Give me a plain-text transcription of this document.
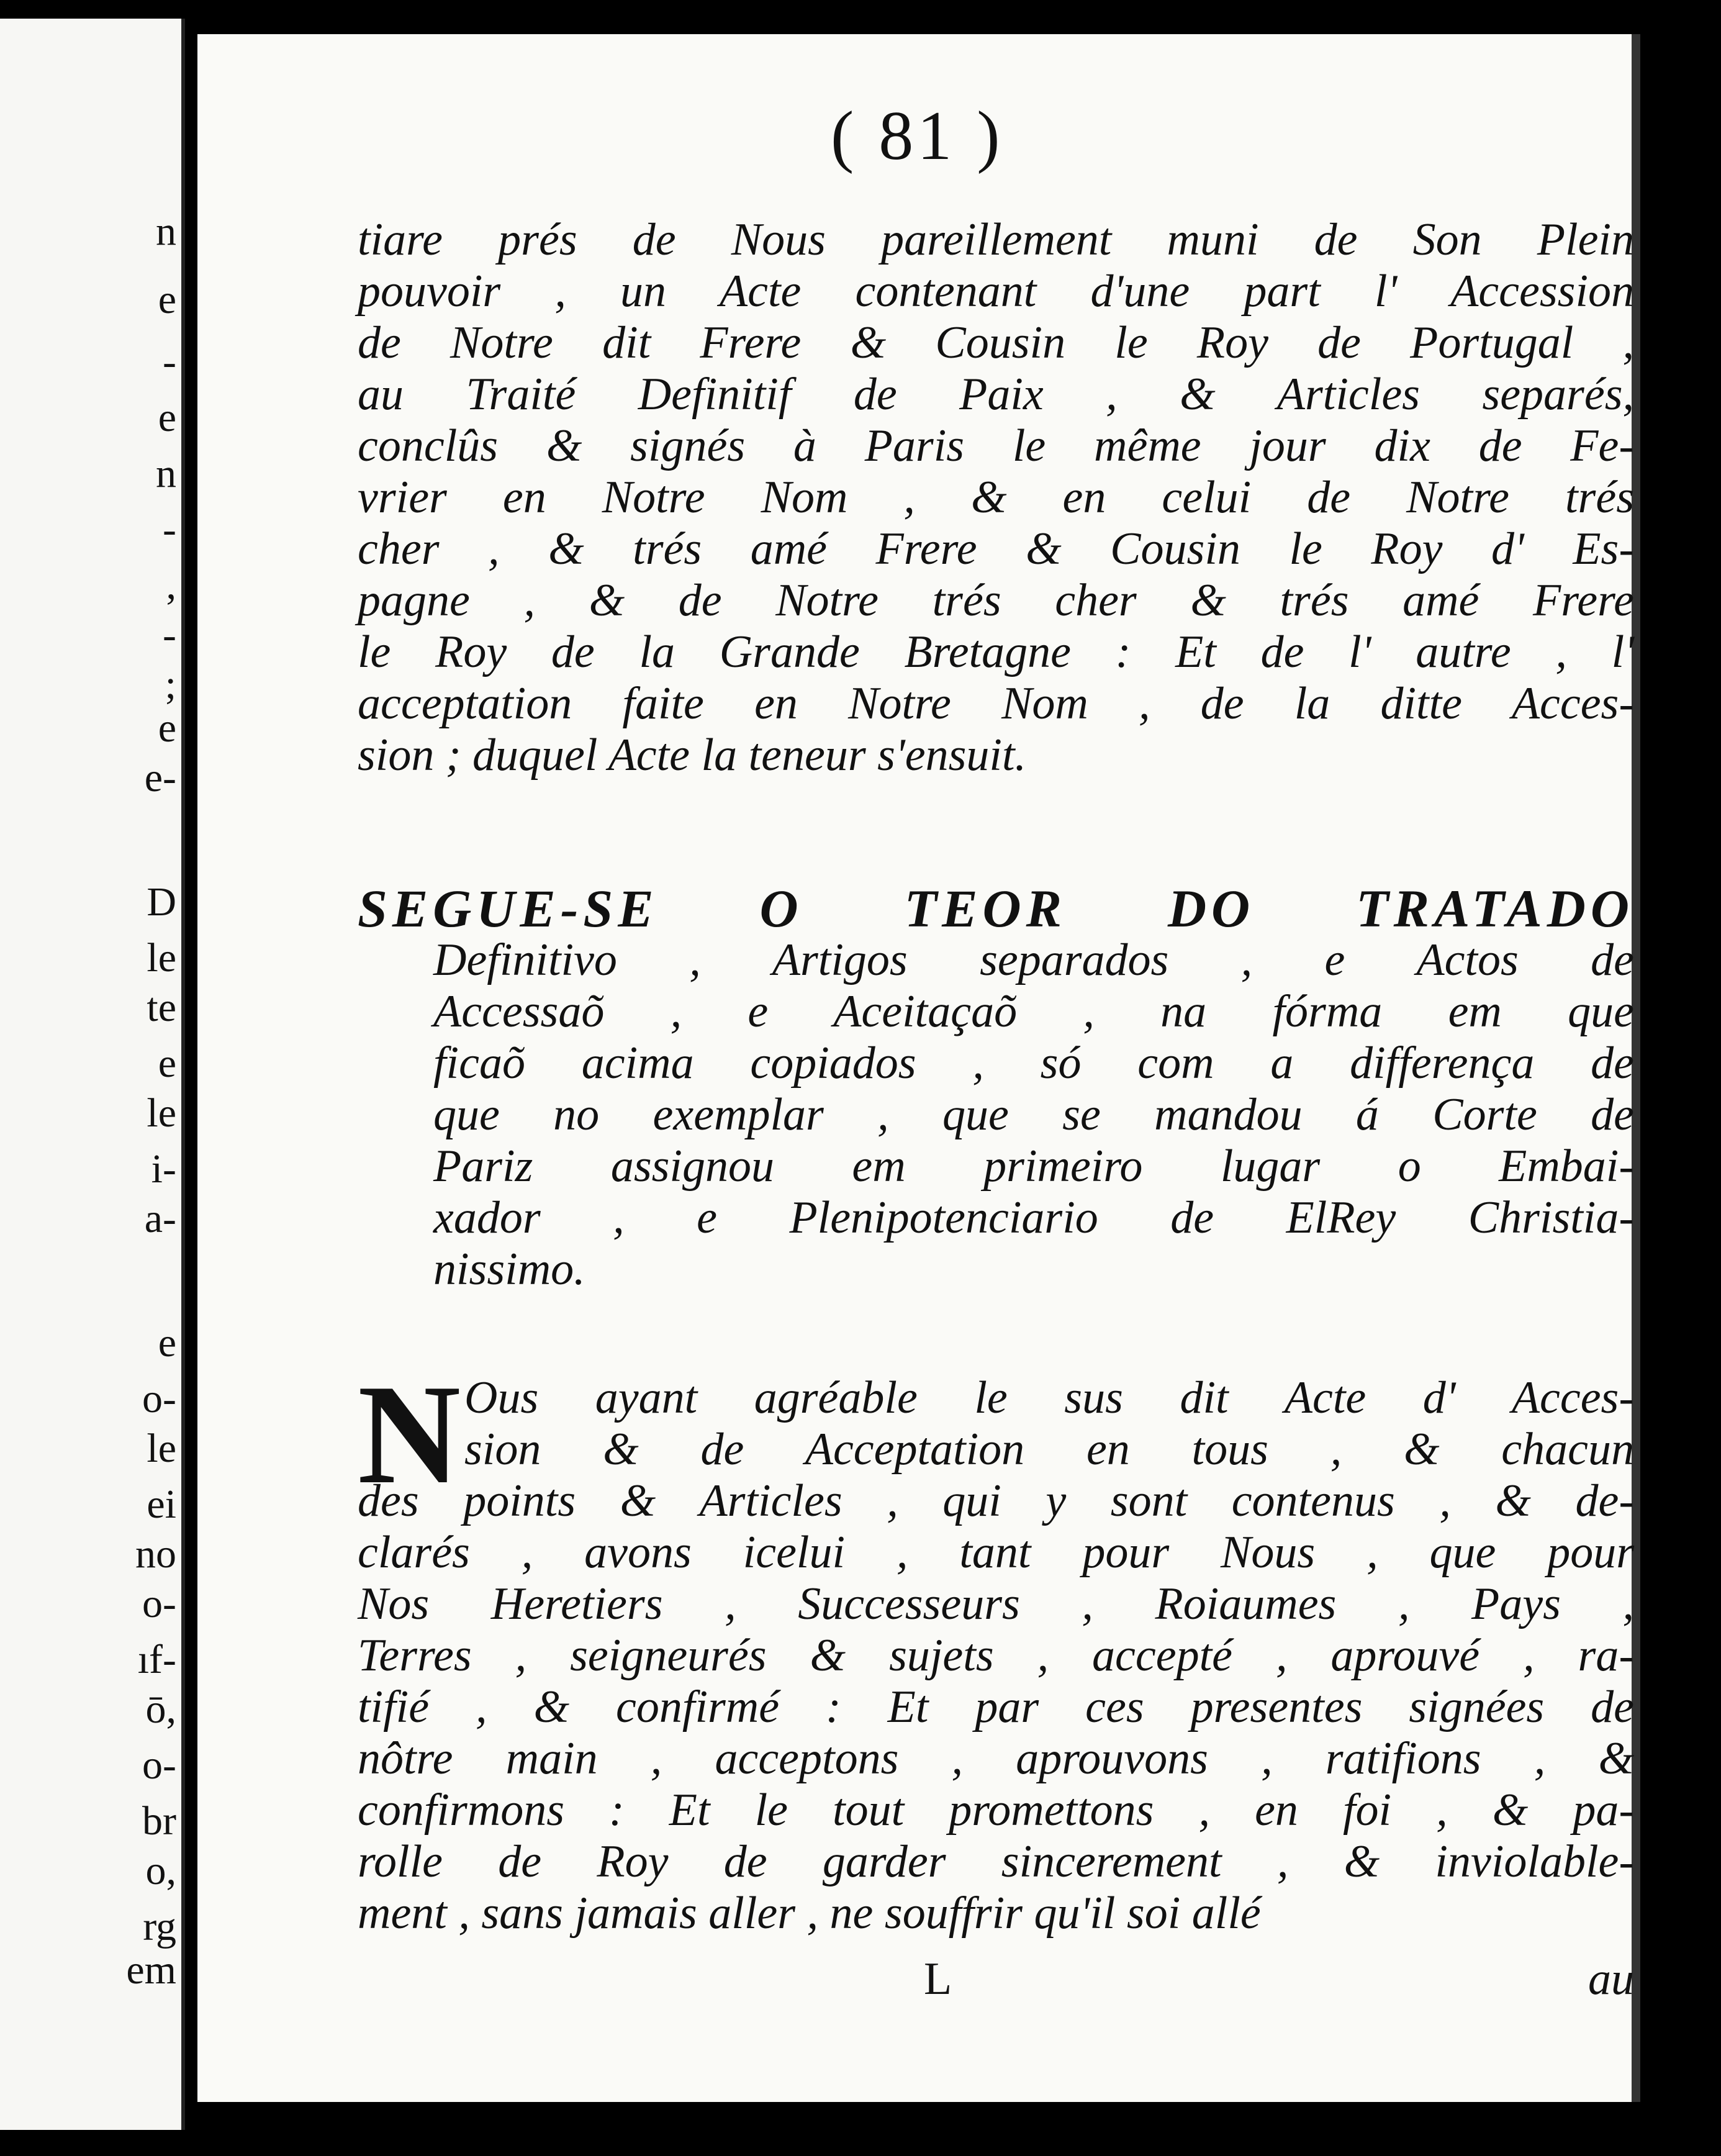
n
e
-
e
n
-
,
-
;
e
e-
D
le
te
e
le
i-
a-
e
o-
le
ei
no
o-
ıf-
ō,
o-
br
o,
rg
em
( 81 )
tiare prés de Nous pareillement muni de Son Plein
pouvoir , un Acte contenant d'une part l' Accession
de Notre dit Frere & Cousin le Roy de Portugal ,
au Traité Definitif de Paix , & Articles separés,
conclûs & signés à Paris le même jour dix de Fe-
vrier en Notre Nom , & en celui de Notre trés
cher , & trés amé Frere & Cousin le Roy d' Es-
pagne , & de Notre trés cher & trés amé Frere
le Roy de la Grande Bretagne : Et de l' autre , l'
acceptation faite en Notre Nom , de la ditte Acces-
sion ; duquel Acte la teneur s'ensuit.
SEGUE-SE O TEOR DO TRATADO
Definitivo , Artigos separados , e Actos de
Accessaõ , e Aceitaçaõ , na fórma em que
ficaõ acima copiados , só com a differença de
que no exemplar , que se mandou á Corte de
Pariz assignou em primeiro lugar o Embai-
xador , e Plenipotenciario de ElRey Christia-
nissimo.
N Ous ayant agréable le sus dit Acte d' Acces-
sion & de Acceptation en tous , & chacun
des points & Articles , qui y sont contenus , & de-
clarés , avons icelui , tant pour Nous , que pour
Nos Heretiers , Successeurs , Roiaumes , Pays ,
Terres , seigneurés & sujets , accepté , aprouvé , ra-
tifié , & confirmé : Et par ces presentes signées de
nôtre main , acceptons , aprouvons , ratifions , &
confirmons : Et le tout promettons , en foi , & pa-
rolle de Roy de garder sincerement , & inviolable-
ment , sans jamais aller , ne souffrir qu'il soi allé
L	au
